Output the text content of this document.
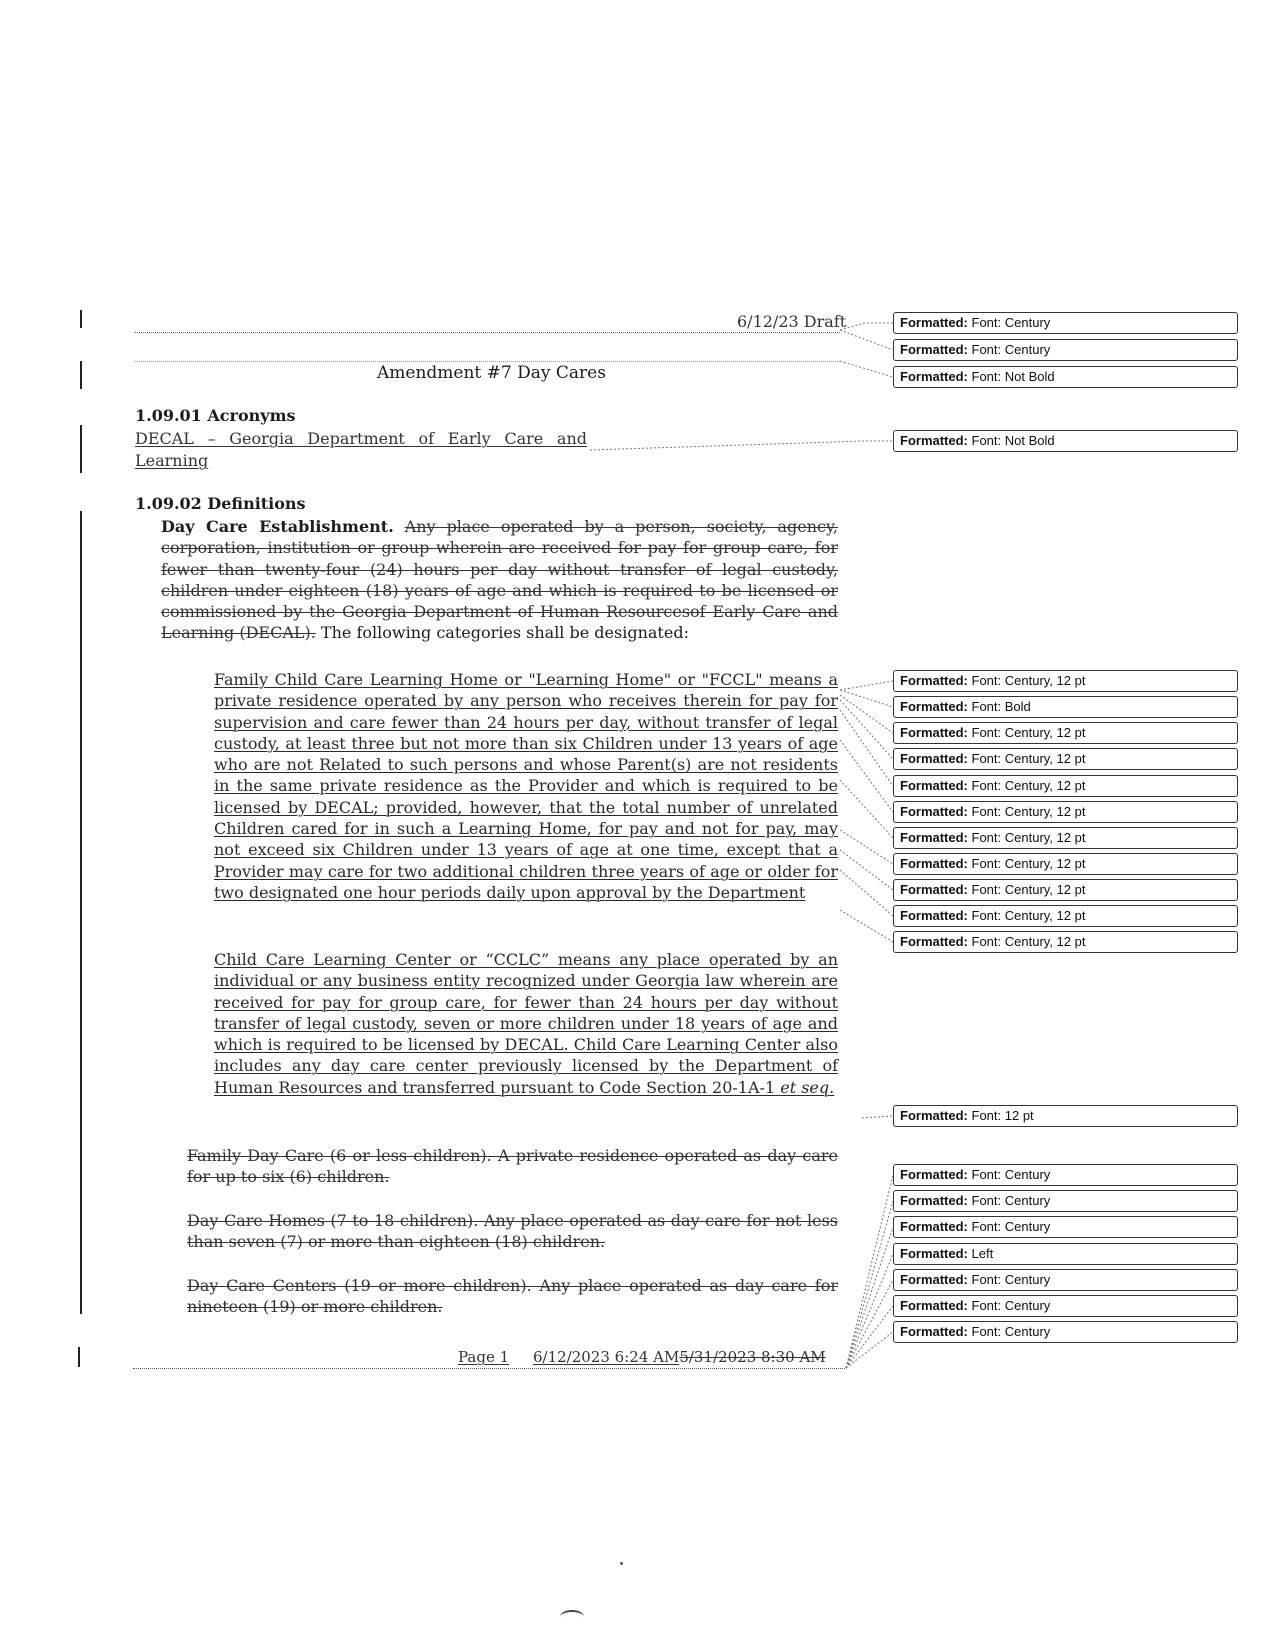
6/12/23 Draft
Amendment #7 Day Cares
1.09.01 Acronyms
DECAL – Georgia Department of Early Care and Learning
1.09.02 Definitions

Day Care Establishment. Any place operated by a person, society, agency, corporation, institution or group wherein are received for pay for group care, for fewer than twenty-four (24) hours per day without transfer of legal custody, children under eighteen (18) years of age and which is required to be licensed or commissioned by the Georgia Department of Human Resourcesof Early Care and Learning (DECAL). The following categories shall be designated:

Family Child Care Learning Home or "Learning Home" or "FCCL" means a private residence operated by any person who receives therein for pay for supervision and care fewer than 24 hours per day, without transfer of legal custody, at least three but not more than six Children under 13 years of age who are not Related to such persons and whose Parent(s) are not residents in the same private residence as the Provider and which is required to be licensed by DECAL; provided, however, that the total number of unrelated Children cared for in such a Learning Home, for pay and not for pay, may not exceed six Children under 13 years of age at one time, except that a Provider may care for two additional children three years of age or older for two designated one hour periods daily upon approval by the Department

Child Care Learning Center or “CCLC” means any place operated by an individual or any business entity recognized under Georgia law wherein are received for pay for group care, for fewer than 24 hours per day without transfer of legal custody, seven or more children under 18 years of age and which is required to be licensed by DECAL. Child Care Learning Center also includes any day care center previously licensed by the Department of Human Resources and transferred pursuant to Code Section 20-1A-1 et seq.

Family Day Care (6 or less children). A private residence operated as day care for up to six (6) children.

Day Care Homes (7 to 18 children). Any place operated as day care for not less than seven (7) or more than eighteen (18) children.

Day Care Centers (19 or more children). Any place operated as day care for nineteen (19) or more children.

Page 1 6/12/2023 6:24 AM5/31/2023 8:30 AM
Formatted: Font: Century
Formatted: Font: Century
Formatted: Font: Not Bold
Formatted: Font: Not Bold
Formatted: Font: Century, 12 pt
Formatted: Font: Bold
Formatted: Font: Century, 12 pt
Formatted: Font: Century, 12 pt
Formatted: Font: Century, 12 pt
Formatted: Font: Century, 12 pt
Formatted: Font: Century, 12 pt
Formatted: Font: Century, 12 pt
Formatted: Font: Century, 12 pt
Formatted: Font: Century, 12 pt
Formatted: Font: Century, 12 pt
Formatted: Font: 12 pt
Formatted: Font: Century
Formatted: Font: Century
Formatted: Font: Century
Formatted: Left
Formatted: Font: Century
Formatted: Font: Century
Formatted: Font: Century
